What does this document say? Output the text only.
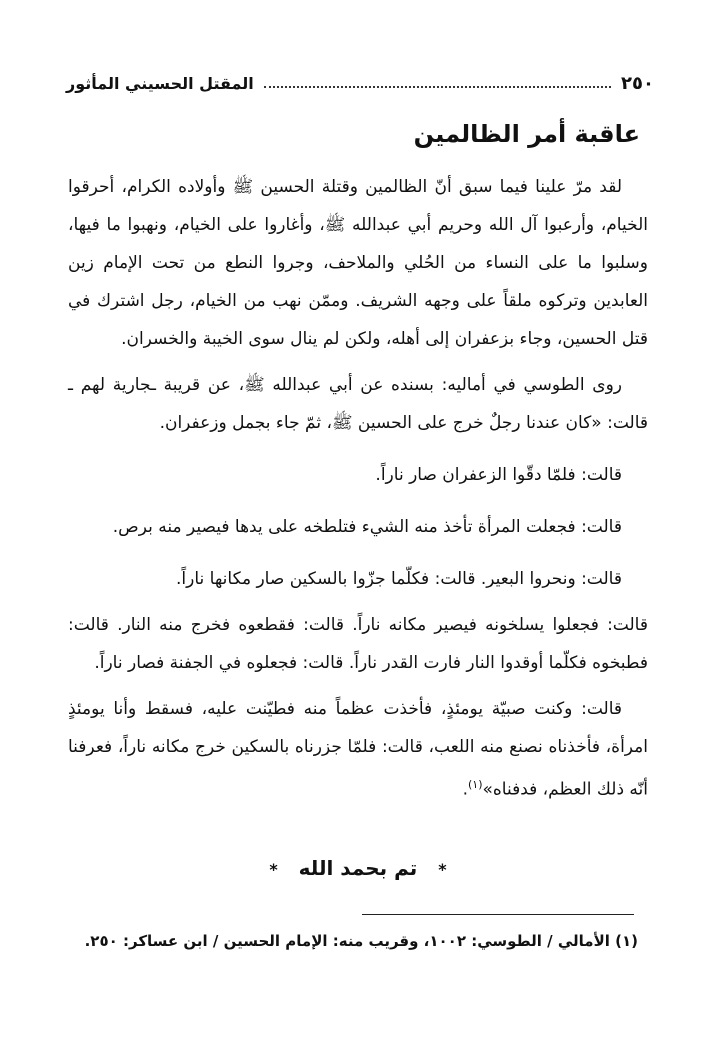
٢٥٠
المقتل الحسيني المأثور
عاقبة أمر الظالمين

لقد مرّ علينا فيما سبق أنّ الظالمين وقتلة الحسين ﷺ وأولاده الكرام، أحرقوا الخيام، وأرعبوا آل الله وحريم أبي عبدالله ﷺ، وأغاروا على الخيام، ونهبوا ما فيها، وسلبوا ما على النساء من الحُلي والملاحف، وجروا النطع من تحت الإمام زين العابدين وتركوه ملقاً على وجهه الشريف. وممّن نهب من الخيام، رجل اشترك في قتل الحسين، وجاء بزعفران إلى أهله، ولكن لم ينال سوى الخيبة والخسران.

روى الطوسي في أماليه: بسنده عن أبي عبدالله ﷺ، عن قريبة ـجارية لهم ـ قالت: «كان عندنا رجلٌ خرج على الحسين ﷺ، ثمّ جاء بجمل وزعفران.

قالت: فلمّا دقّوا الزعفران صار ناراً.

قالت: فجعلت المرأة تأخذ منه الشيء فتلطخه على يدها فيصير منه برص.

قالت: ونحروا البعير. قالت: فكلّما جزّوا بالسكين صار مكانها ناراً.

قالت: فجعلوا يسلخونه فيصير مكانه ناراً. قالت: فقطعوه فخرج منه النار. قالت: فطبخوه فكلّما أوقدوا النار فارت القدر ناراً. قالت: فجعلوه في الجفنة فصار ناراً.

قالت: وكنت صبيّة يومئذٍ، فأخذت عظماً منه فطيّنت عليه، فسقط وأنا يومئذٍ امرأة، فأخذناه نصنع منه اللعب، قالت: فلمّا جزرناه بالسكين خرج مكانه ناراً، فعرفنا أنّه ذلك العظم، فدفناه»$^{(١)}$.

* تم بحمد الله *
(١) الأمالي / الطوسي: ١٠٠٢، وقريب منه: الإمام الحسين / ابن عساكر: ٢٥٠.
